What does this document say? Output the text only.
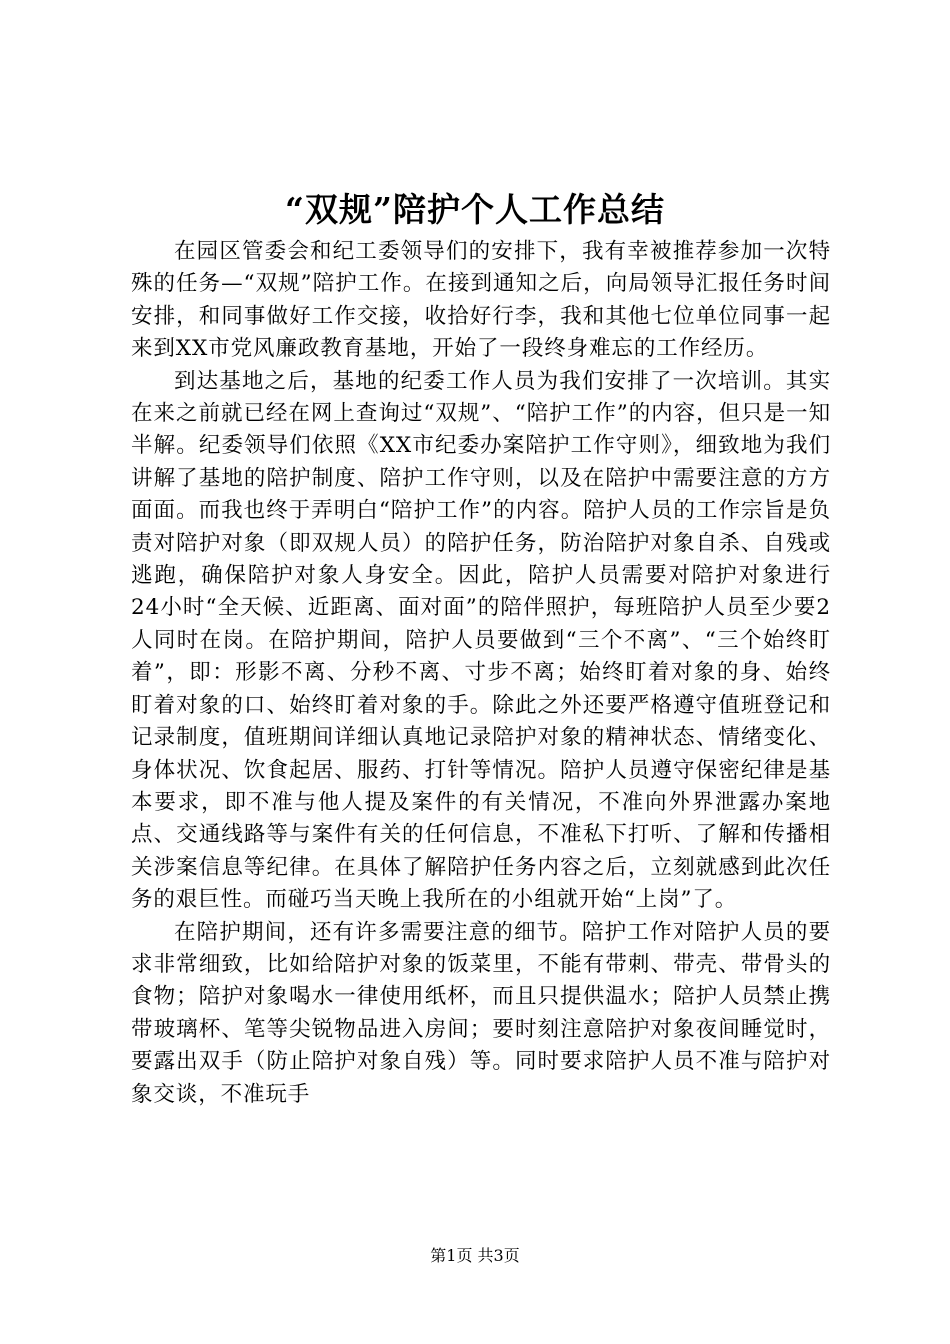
“双规”陪护个人工作总结

在园区管委会和纪工委领导们的安排下，我有幸被推荐参加一次特殊的任务—“双规”陪护工作。在接到通知之后，向局领导汇报任务时间安排，和同事做好工作交接，收拾好行李，我和其他七位单位同事一起来到XX市党风廉政教育基地，开始了一段终身难忘的工作经历。

到达基地之后，基地的纪委工作人员为我们安排了一次培训。其实在来之前就已经在网上查询过“双规”、“陪护工作”的内容，但只是一知半解。纪委领导们依照《XX市纪委办案陪护工作守则》，细致地为我们讲解了基地的陪护制度、陪护工作守则，以及在陪护中需要注意的方方面面。而我也终于弄明白“陪护工作”的内容。陪护人员的工作宗旨是负责对陪护对象（即双规人员）的陪护任务，防治陪护对象自杀、自残或逃跑，确保陪护对象人身安全。因此，陪护人员需要对陪护对象进行24小时“全天候、近距离、面对面”的陪伴照护，每班陪护人员至少要2人同时在岗。在陪护期间，陪护人员要做到“三个不离”、“三个始终盯着”，即：形影不离、分秒不离、寸步不离；始终盯着对象的身、始终盯着对象的口、始终盯着对象的手。除此之外还要严格遵守值班登记和记录制度，值班期间详细认真地记录陪护对象的精神状态、情绪变化、身体状况、饮食起居、服药、打针等情况。陪护人员遵守保密纪律是基本要求，即不准与他人提及案件的有关情况，不准向外界泄露办案地点、交通线路等与案件有关的任何信息，不准私下打听、了解和传播相关涉案信息等纪律。在具体了解陪护任务内容之后，立刻就感到此次任务的艰巨性。而碰巧当天晚上我所在的小组就开始“上岗”了。

在陪护期间，还有许多需要注意的细节。陪护工作对陪护人员的要求非常细致，比如给陪护对象的饭菜里，不能有带刺、带壳、带骨头的食物；陪护对象喝水一律使用纸杯，而且只提供温水；陪护人员禁止携带玻璃杯、笔等尖锐物品进入房间；要时刻注意陪护对象夜间睡觉时，要露出双手（防止陪护对象自残）等。同时要求陪护人员不准与陪护对象交谈，不准玩手

第1页 共3页
